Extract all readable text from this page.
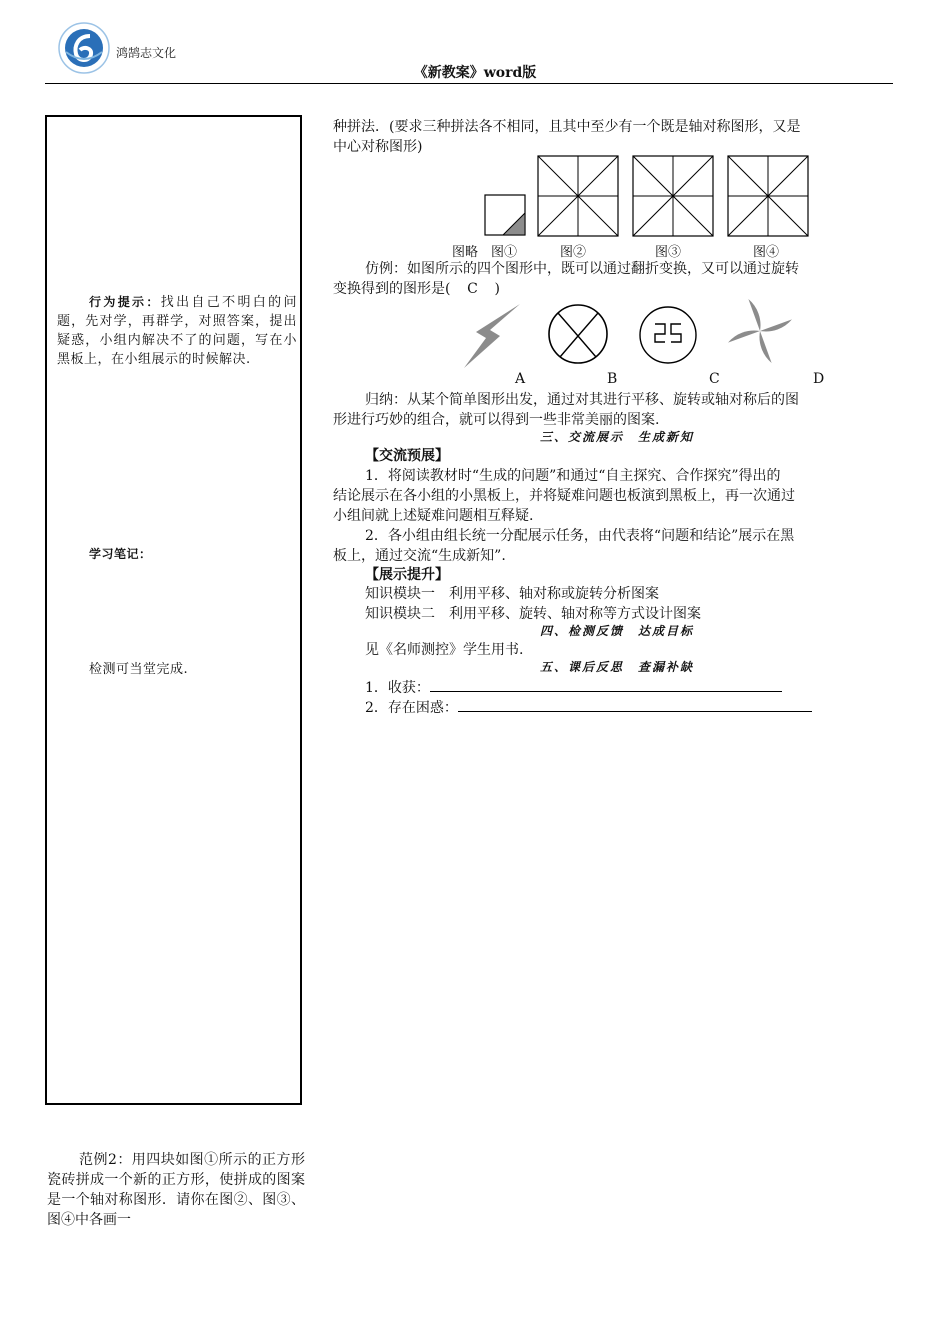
鸿鹄志文化
《新教案》word版
行为提示：找出自己不明白的问题，先对学，再群学，对照答案，提出疑惑，小组内解决不了的问题，写在小黑板上，在小组展示的时候解决.
学习笔记：
检测可当堂完成.
范例2：用四块如图①所示的正方形瓷砖拼成一个新的正方形，使拼成的图案是一个轴对称图形．请你在图②、图③、图④中各画一
种拼法．(要求三种拼法各不相同，且其中至少有一个既是轴对称图形，又是
中心对称图形)
图略 图①	图②	图③	图④
仿例：如图所示的四个图形中，既可以通过翻折变换，又可以通过旋转
变换得到的图形是( C )
A	B	C	D
归纳：从某个简单图形出发，通过对其进行平移、旋转或轴对称后的图
形进行巧妙的组合，就可以得到一些非常美丽的图案.
三、交流展示　生成新知
【交流预展】
1．将阅读教材时“生成的问题”和通过“自主探究、合作探究”得出的
结论展示在各小组的小黑板上，并将疑难问题也板演到黑板上，再一次通过
小组间就上述疑难问题相互释疑.
2．各小组由组长统一分配展示任务，由代表将“问题和结论”展示在黑
板上，通过交流“生成新知”.
【展示提升】
知识模块一　利用平移、轴对称或旋转分析图案
知识模块二　利用平移、旋转、轴对称等方式设计图案
四、检测反馈　达成目标
见《名师测控》学生用书.
五、课后反思　查漏补缺
1．收获：
2．存在困惑：
